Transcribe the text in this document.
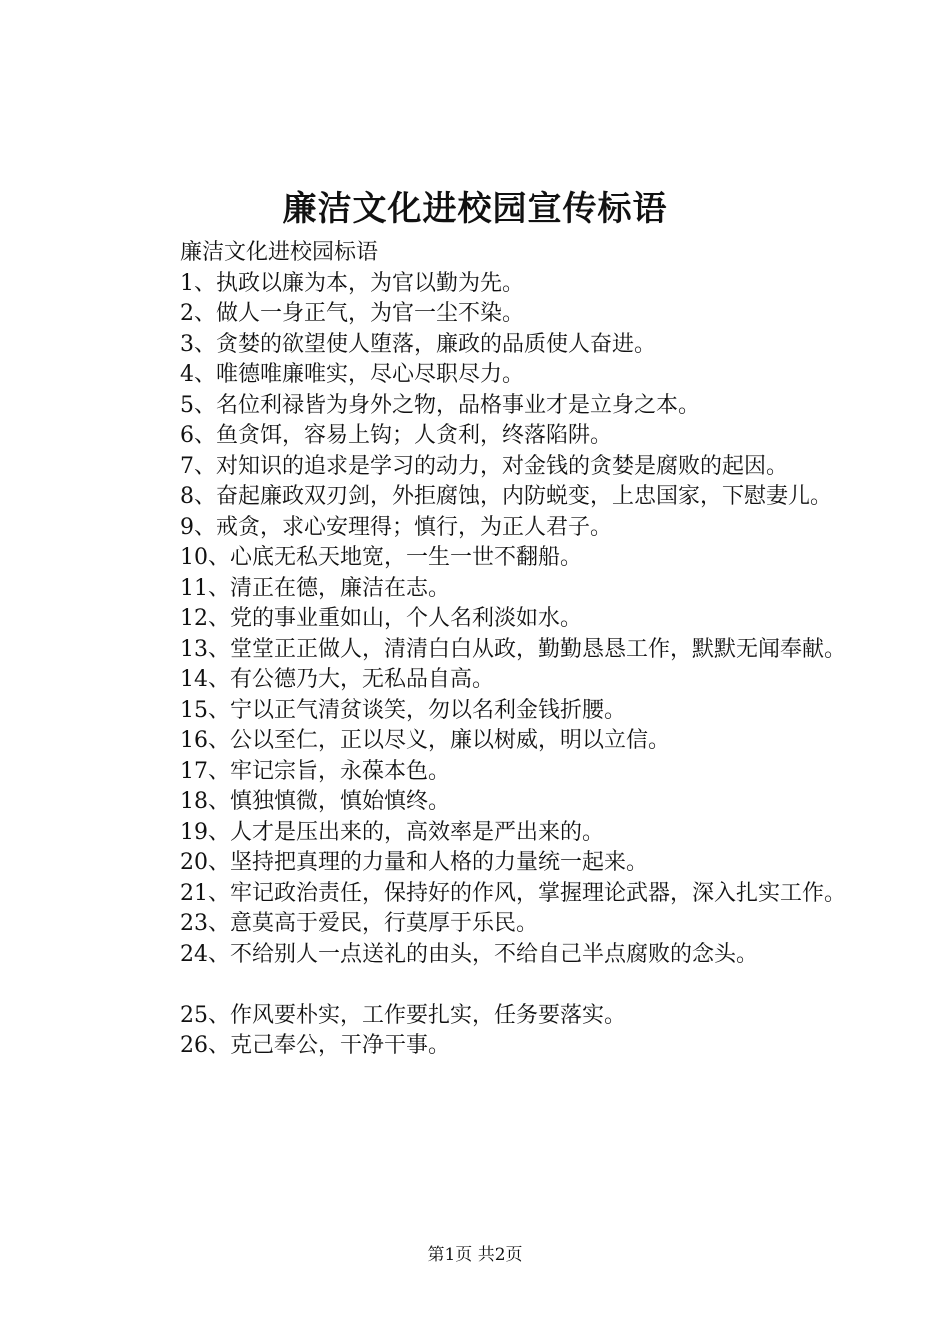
廉洁文化进校园宣传标语

廉洁文化进校园标语

1、执政以廉为本，为官以勤为先。

2、做人一身正气，为官一尘不染。

3、贪婪的欲望使人堕落，廉政的品质使人奋进。

4、唯德唯廉唯实，尽心尽职尽力。

5、名位利禄皆为身外之物，品格事业才是立身之本。

6、鱼贪饵，容易上钩；人贪利，终落陷阱。

7、对知识的追求是学习的动力，对金钱的贪婪是腐败的起因。

8、奋起廉政双刃剑，外拒腐蚀，内防蜕变，上忠国家，下慰妻儿。

9、戒贪，求心安理得；慎行，为正人君子。

10、心底无私天地宽，一生一世不翻船。

11、清正在德，廉洁在志。

12、党的事业重如山，个人名利淡如水。

13、堂堂正正做人，清清白白从政，勤勤恳恳工作，默默无闻奉献。

14、有公德乃大，无私品自高。

15、宁以正气清贫谈笑，勿以名利金钱折腰。

16、公以至仁，正以尽义，廉以树威，明以立信。

17、牢记宗旨，永葆本色。

18、慎独慎微，慎始慎终。

19、人才是压出来的，高效率是严出来的。

20、坚持把真理的力量和人格的力量统一起来。

21、牢记政治责任，保持好的作风，掌握理论武器，深入扎实工作。

23、意莫高于爱民，行莫厚于乐民。

24、不给别人一点送礼的由头，不给自己半点腐败的念头。

25、作风要朴实，工作要扎实，任务要落实。

26、克己奉公，干净干事。

第1页 共2页
